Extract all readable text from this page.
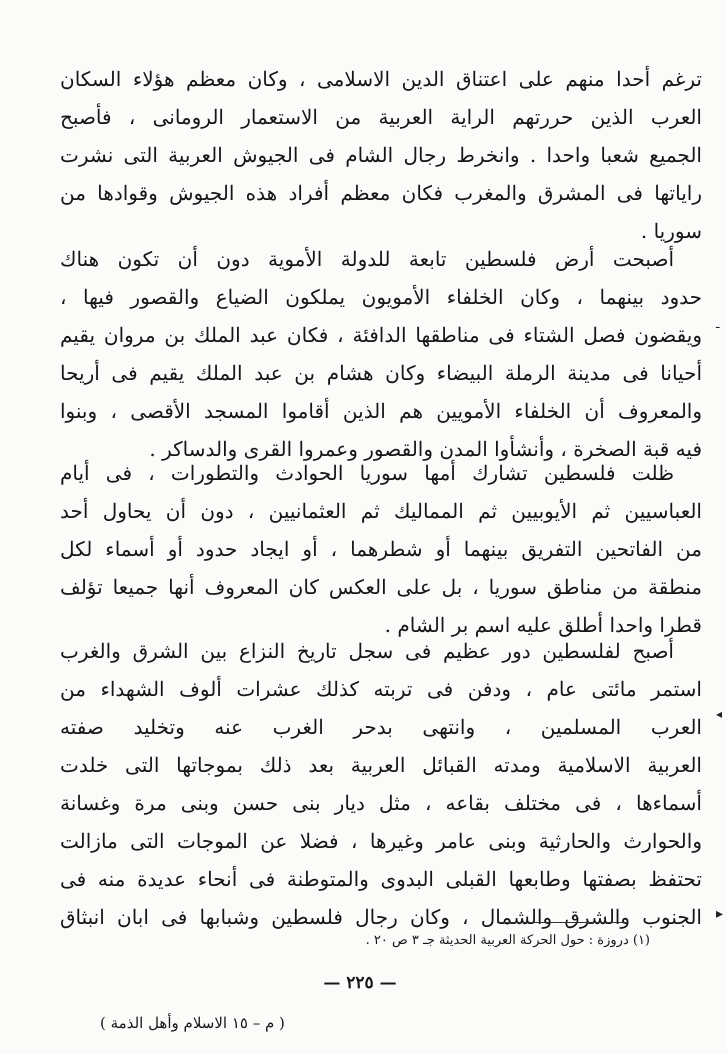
ترغم أحدا منهم على اعتناق الدين الاسلامى ، وكان معظم هؤلاء السكان
العرب الذين حررتهم الراية العربية من الاستعمار الرومانى ، فأصبح
الجميع شعبا واحدا . وانخرط رجال الشام فى الجيوش العربية التى نشرت
راياتها فى المشرق والمغرب فكان معظم أفراد هذه الجيوش وقوادها من
سوريا .
أصبحت أرض فلسطين تابعة للدولة الأموية دون أن تكون هناك
حدود بينهما ، وكان الخلفاء الأمويون يملكون الضياع والقصور فيها ،
ويقضون فصل الشتاء فى مناطقها الدافئة ، فكان عبد الملك بن مروان يقيم
أحيانا فى مدينة الرملة البيضاء وكان هشام بن عبد الملك يقيم فى أريحا
والمعروف أن الخلفاء الأمويين هم الذين أقاموا المسجد الأقصى ، وبنوا
فيه قبة الصخرة ، وأنشأوا المدن والقصور وعمروا القرى والدساكر .
ظلت فلسطين تشارك أمها سوريا الحوادث والتطورات ، فى أيام
العباسيين ثم الأيوبيين ثم المماليك ثم العثمانيين ، دون أن يحاول أحد
من الفاتحين التفريق بينهما أو شطرهما ، أو ايجاد حدود أو أسماء لكل
منطقة من مناطق سوريا ، بل على العكس كان المعروف أنها جميعا تؤلف
قطرا واحدا أطلق عليه اسم بر الشام .
أصبح لفلسطين دور عظيم فى سجل تاريخ النزاع بين الشرق والغرب
استمر مائتى عام ، ودفن فى تربته كذلك عشرات ألوف الشهداء من
العرب المسلمين ، وانتهى بدحر الغرب عنه وتخليد صفته
العربية الاسلامية ومدته القبائل العربية بعد ذلك بموجاتها التى خلدت
أسماءها ، فى مختلف بقاعه ، مثل ديار بنى حسن وبنى مرة وغسانة
والحوارث والحارثية وبنى عامر وغيرها ، فضلا عن الموجات التى مازالت
تحتفظ بصفتها وطابعها القبلى البدوى والمتوطنة فى أنحاء عديدة منه فى
الجنوب والشرق والشمال ، وكان رجال فلسطين وشبابها فى ابان انبثاق
(١) دروزة : حول الحركة العربية الحديثة جـ ٣ ص ٢٠ .
— ٢٢٥ —
( م – ١٥ الاسلام وأهل الذمة )
ـ
◂
▸
